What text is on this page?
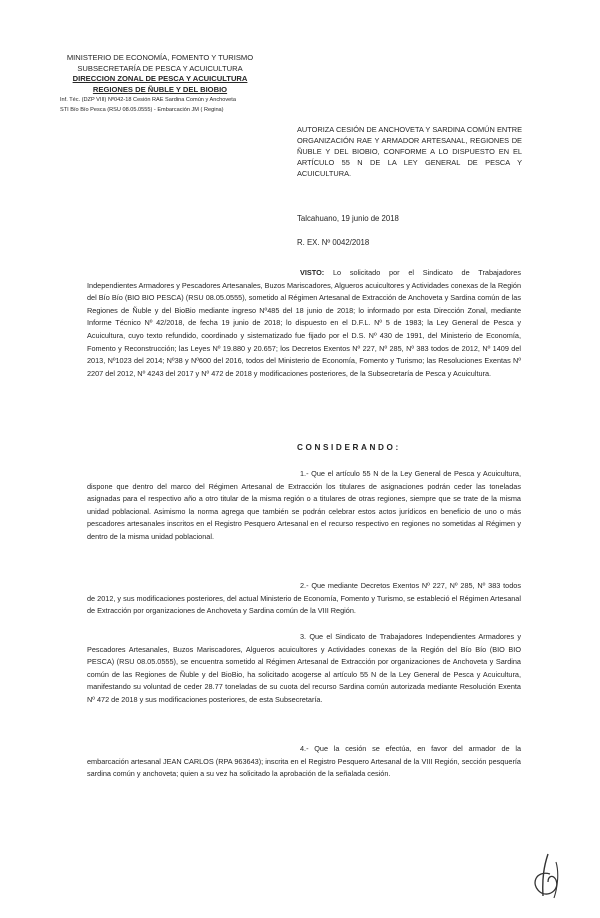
MINISTERIO DE ECONOMÍA, FOMENTO Y TURISMO
SUBSECRETARÍA DE PESCA Y ACUICULTURA
DIRECCION ZONAL DE PESCA Y ACUICULTURA
REGIONES DE ÑUBLE Y DEL BIOBIO
Inf. Téc. (DZP VIII) Nº042-18 Cesión RAE Sardina Común y Anchoveta
STI Bío Bío Pesca (RSU 08.05.0555) - Embarcación JM ( Regina)
AUTORIZA CESIÓN DE ANCHOVETA Y SARDINA COMÚN ENTRE ORGANIZACIÓN RAE Y ARMADOR ARTESANAL, REGIONES DE ÑUBLE Y DEL BIOBIO, CONFORME A LO DISPUESTO EN EL ARTÍCULO 55 N DE LA LEY GENERAL DE PESCA Y ACUICULTURA.
Talcahuano, 19 junio de 2018
R. EX. Nº 0042/2018
VISTO: Lo solicitado por el Sindicato de Trabajadores Independientes Armadores y Pescadores Artesanales, Buzos Mariscadores, Algueros acuicultores y Actividades conexas de la Región del Bío Bío (BIO BIO PESCA) (RSU 08.05.0555), sometido al Régimen Artesanal de Extracción de Anchoveta y Sardina común de las Regiones de Ñuble y del BioBio mediante ingreso Nº485 del 18 junio de 2018; lo informado por esta Dirección Zonal, mediante Informe Técnico Nº 42/2018, de fecha 19 junio de 2018; lo dispuesto en el D.F.L. Nº 5 de 1983; la Ley General de Pesca y Acuicultura, cuyo texto refundido, coordinado y sistematizado fue fijado por el D.S. Nº 430 de 1991, del Ministerio de Economía, Fomento y Reconstrucción; las Leyes Nº 19.880 y 20.657; los Decretos Exentos Nº 227, Nº 285, Nº 383 todos de 2012, Nº 1409 del 2013, Nº1023 del 2014; Nº38 y Nº600 del 2016, todos del Ministerio de Economía, Fomento y Turismo; las Resoluciones Exentas Nº 2207 del 2012, Nº 4243 del 2017 y Nº 472 de 2018 y modificaciones posteriores, de la Subsecretaría de Pesca y Acuicultura.
CONSIDERANDO:
1.- Que el artículo 55 N de la Ley General de Pesca y Acuicultura, dispone que dentro del marco del Régimen Artesanal de Extracción los titulares de asignaciones podrán ceder las toneladas asignadas para el respectivo año a otro titular de la misma región o a titulares de otras regiones, siempre que se trate de la misma unidad poblacional. Asimismo la norma agrega que también se podrán celebrar estos actos jurídicos en beneficio de uno o más pescadores artesanales inscritos en el Registro Pesquero Artesanal en el recurso respectivo en regiones no sometidas al Régimen y dentro de la misma unidad poblacional.
2.- Que mediante Decretos Exentos Nº 227, Nº 285, Nº 383 todos de 2012, y sus modificaciones posteriores, del actual Ministerio de Economía, Fomento y Turismo, se estableció el Régimen Artesanal de Extracción por organizaciones de Anchoveta y Sardina común de la VIII Región.
3. Que el Sindicato de Trabajadores Independientes Armadores y Pescadores Artesanales, Buzos Mariscadores, Algueros acuicultores y Actividades conexas de la Región del Bío Bío (BIO BIO PESCA) (RSU 08.05.0555), se encuentra sometido al Régimen Artesanal de Extracción por organizaciones de Anchoveta y Sardina común de las Regiones de Ñuble y del BioBio, ha solicitado acogerse al artículo 55 N de la Ley General de Pesca y Acuicultura, manifestando su voluntad de ceder 28.77 toneladas de su cuota del recurso Sardina común autorizada mediante Resolución Exenta Nº 472 de 2018 y sus modificaciones posteriores, de esta Subsecretaría.
4.- Que la cesión se efectúa, en favor del armador de la embarcación artesanal JEAN CARLOS (RPA 963643); inscrita en el Registro Pesquero Artesanal de la VIII Región, sección pesquería sardina común y anchoveta; quien a su vez ha solicitado la aprobación de la señalada cesión.
